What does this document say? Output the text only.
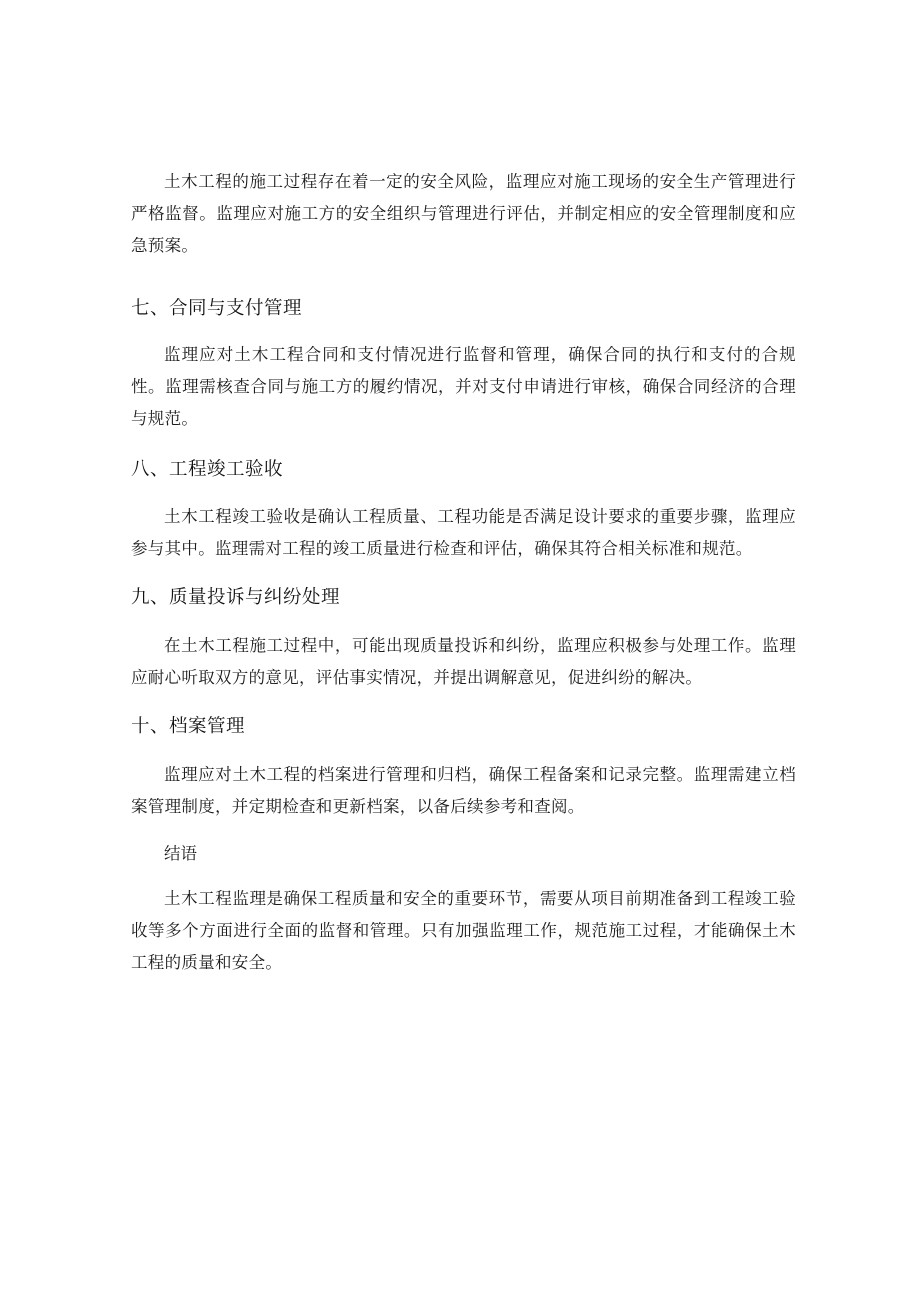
土木工程的施工过程存在着一定的安全风险，监理应对施工现场的安全生产管理进行严格监督。监理应对施工方的安全组织与管理进行评估，并制定相应的安全管理制度和应急预案。

七、合同与支付管理

监理应对土木工程合同和支付情况进行监督和管理，确保合同的执行和支付的合规性。监理需核查合同与施工方的履约情况，并对支付申请进行审核，确保合同经济的合理与规范。

八、工程竣工验收

土木工程竣工验收是确认工程质量、工程功能是否满足设计要求的重要步骤，监理应参与其中。监理需对工程的竣工质量进行检查和评估，确保其符合相关标准和规范。

九、质量投诉与纠纷处理

在土木工程施工过程中，可能出现质量投诉和纠纷，监理应积极参与处理工作。监理应耐心听取双方的意见，评估事实情况，并提出调解意见，促进纠纷的解决。

十、档案管理

监理应对土木工程的档案进行管理和归档，确保工程备案和记录完整。监理需建立档案管理制度，并定期检查和更新档案，以备后续参考和查阅。

结语

土木工程监理是确保工程质量和安全的重要环节，需要从项目前期准备到工程竣工验收等多个方面进行全面的监督和管理。只有加强监理工作，规范施工过程，才能确保土木工程的质量和安全。
